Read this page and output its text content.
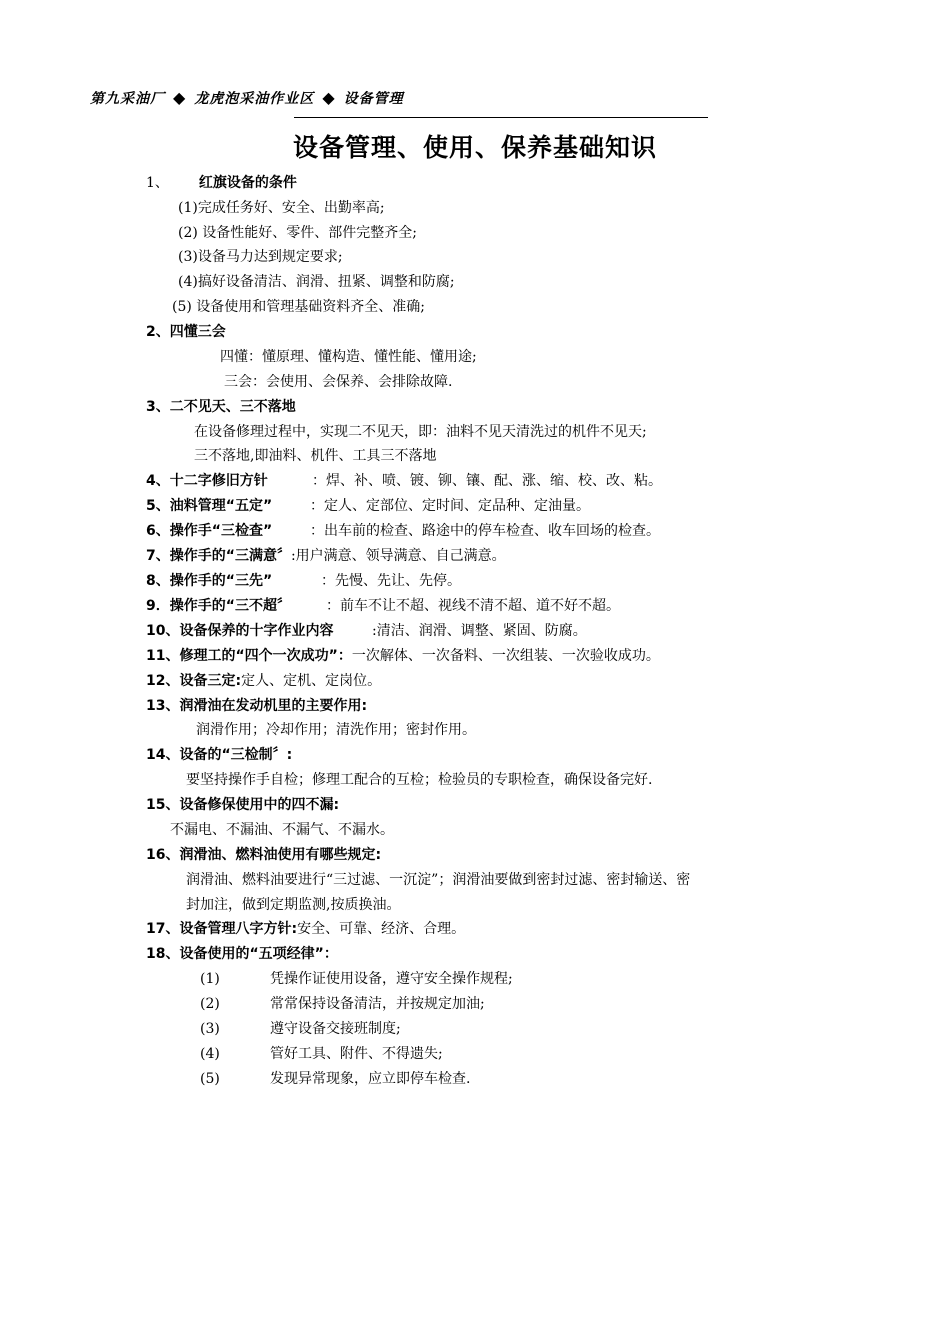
第九采油厂 ◆ 龙虎泡采油作业区 ◆ 设备管理
设备管理、使用、保养基础知识
1、 红旗设备的条件
(1)完成任务好、安全、出勤率高;
(2) 设备性能好、零件、部件完整齐全;
(3)设备马力达到规定要求;
(4)搞好设备清洁、润滑、扭紧、调整和防腐;
(5) 设备使用和管理基础资料齐全、准确;
2、四懂三会
四懂：懂原理、懂构造、懂性能、懂用途;
三会：会使用、会保养、会排除故障.
3、二不见天、三不落地
在设备修理过程中，实现二不见天，即：油料不见天清洗过的机件不见天;
三不落地,即油料、机件、工具三不落地
4、十二字修旧方针	：焊、补、喷、镀、铆、镶、配、涨、缩、校、改、粘。
5、油料管理“五定”	：定人、定部位、定时间、定品种、定油量。
6、操作手“三检查”	：出车前的检查、路途中的停车检查、收车回场的检查。
7、操作手的“三满意〞:用户满意、领导满意、自己满意。
8、操作手的“三先”	：先慢、先让、先停。
9．操作手的“三不超〞	：前车不让不超、视线不清不超、道不好不超。
10、设备保养的十字作业内容	:清洁、润滑、调整、紧固、防腐。
11、修理工的“四个一次成功”：一次解体、一次备料、一次组装、一次验收成功。
12、设备三定:定人、定机、定岗位。
13、润滑油在发动机里的主要作用:
润滑作用；冷却作用；清洗作用；密封作用。
14、设备的“三检制〞:
要坚持操作手自检；修理工配合的互检；检验员的专职检查，确保设备完好.
15、设备修保使用中的四不漏:
不漏电、不漏油、不漏气、不漏水。
16、润滑油、燃料油使用有哪些规定:
润滑油、燃料油要进行“三过滤、一沉淀”；润滑油要做到密封过滤、密封输送、密
封加注，做到定期监测,按质换油。
17、设备管理八字方针:安全、可靠、经济、合理。
18、设备使用的“五项经律”：
(1)	凭操作证使用设备，遵守安全操作规程;
(2)	常常保持设备清洁，并按规定加油;
(3)	遵守设备交接班制度;
(4)	管好工具、附件、不得遗失;
(5)	发现异常现象，应立即停车检查.
